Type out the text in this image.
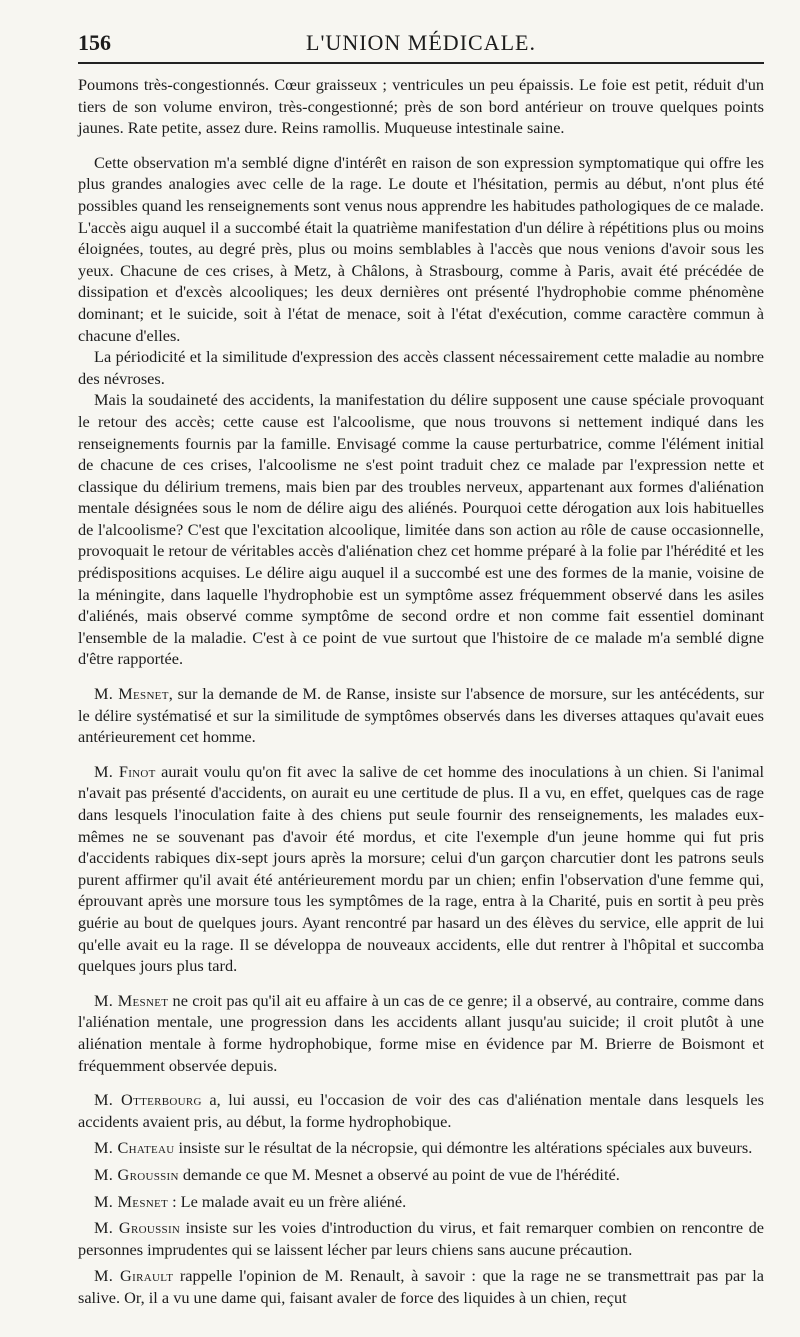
156	L'UNION MÉDICALE.

Poumons très-congestionnés. Cœur graisseux ; ventricules un peu épaissis. Le foie est petit, réduit d'un tiers de son volume environ, très-congestionné; près de son bord antérieur on trouve quelques points jaunes. Rate petite, assez dure. Reins ramollis. Muqueuse intestinale saine.

Cette observation m'a semblé digne d'intérêt en raison de son expression symptomatique qui offre les plus grandes analogies avec celle de la rage. Le doute et l'hésitation, permis au début, n'ont plus été possibles quand les renseignements sont venus nous apprendre les habitudes pathologiques de ce malade. L'accès aigu auquel il a succombé était la quatrième manifestation d'un délire à répétitions plus ou moins éloignées, toutes, au degré près, plus ou moins semblables à l'accès que nous venions d'avoir sous les yeux. Chacune de ces crises, à Metz, à Châlons, à Strasbourg, comme à Paris, avait été précédée de dissipation et d'excès alcooliques; les deux dernières ont présenté l'hydrophobie comme phénomène dominant; et le suicide, soit à l'état de menace, soit à l'état d'exécution, comme caractère commun à chacune d'elles.

La périodicité et la similitude d'expression des accès classent nécessairement cette maladie au nombre des névroses.

Mais la soudaineté des accidents, la manifestation du délire supposent une cause spéciale provoquant le retour des accès; cette cause est l'alcoolisme, que nous trouvons si nettement indiqué dans les renseignements fournis par la famille. Envisagé comme la cause perturbatrice, comme l'élément initial de chacune de ces crises, l'alcoolisme ne s'est point traduit chez ce malade par l'expression nette et classique du délirium tremens, mais bien par des troubles nerveux, appartenant aux formes d'aliénation mentale désignées sous le nom de délire aigu des aliénés. Pourquoi cette dérogation aux lois habituelles de l'alcoolisme? C'est que l'excitation alcoolique, limitée dans son action au rôle de cause occasionnelle, provoquait le retour de véritables accès d'aliénation chez cet homme préparé à la folie par l'hérédité et les prédispositions acquises. Le délire aigu auquel il a succombé est une des formes de la manie, voisine de la méningite, dans laquelle l'hydrophobie est un symptôme assez fréquemment observé dans les asiles d'aliénés, mais observé comme symptôme de second ordre et non comme fait essentiel dominant l'ensemble de la maladie. C'est à ce point de vue surtout que l'histoire de ce malade m'a semblé digne d'être rapportée.

M. Mesnet, sur la demande de M. de Ranse, insiste sur l'absence de morsure, sur les antécédents, sur le délire systématisé et sur la similitude de symptômes observés dans les diverses attaques qu'avait eues antérieurement cet homme.

M. Finot aurait voulu qu'on fit avec la salive de cet homme des inoculations à un chien. Si l'animal n'avait pas présenté d'accidents, on aurait eu une certitude de plus. Il a vu, en effet, quelques cas de rage dans lesquels l'inoculation faite à des chiens put seule fournir des renseignements, les malades eux-mêmes ne se souvenant pas d'avoir été mordus, et cite l'exemple d'un jeune homme qui fut pris d'accidents rabiques dix-sept jours après la morsure; celui d'un garçon charcutier dont les patrons seuls purent affirmer qu'il avait été antérieurement mordu par un chien; enfin l'observation d'une femme qui, éprouvant après une morsure tous les symptômes de la rage, entra à la Charité, puis en sortit à peu près guérie au bout de quelques jours. Ayant rencontré par hasard un des élèves du service, elle apprit de lui qu'elle avait eu la rage. Il se développa de nouveaux accidents, elle dut rentrer à l'hôpital et succomba quelques jours plus tard.

M. Mesnet ne croit pas qu'il ait eu affaire à un cas de ce genre; il a observé, au contraire, comme dans l'aliénation mentale, une progression dans les accidents allant jusqu'au suicide; il croit plutôt à une aliénation mentale à forme hydrophobique, forme mise en évidence par M. Brierre de Boismont et fréquemment observée depuis.

M. Otterbourg a, lui aussi, eu l'occasion de voir des cas d'aliénation mentale dans lesquels les accidents avaient pris, au début, la forme hydrophobique.

M. Chateau insiste sur le résultat de la nécropsie, qui démontre les altérations spéciales aux buveurs.

M. Groussin demande ce que M. Mesnet a observé au point de vue de l'hérédité.

M. Mesnet : Le malade avait eu un frère aliéné.

M. Groussin insiste sur les voies d'introduction du virus, et fait remarquer combien on rencontre de personnes imprudentes qui se laissent lécher par leurs chiens sans aucune précaution.

M. Girault rappelle l'opinion de M. Renault, à savoir : que la rage ne se transmettrait pas par la salive. Or, il a vu une dame qui, faisant avaler de force des liquides à un chien, reçut
